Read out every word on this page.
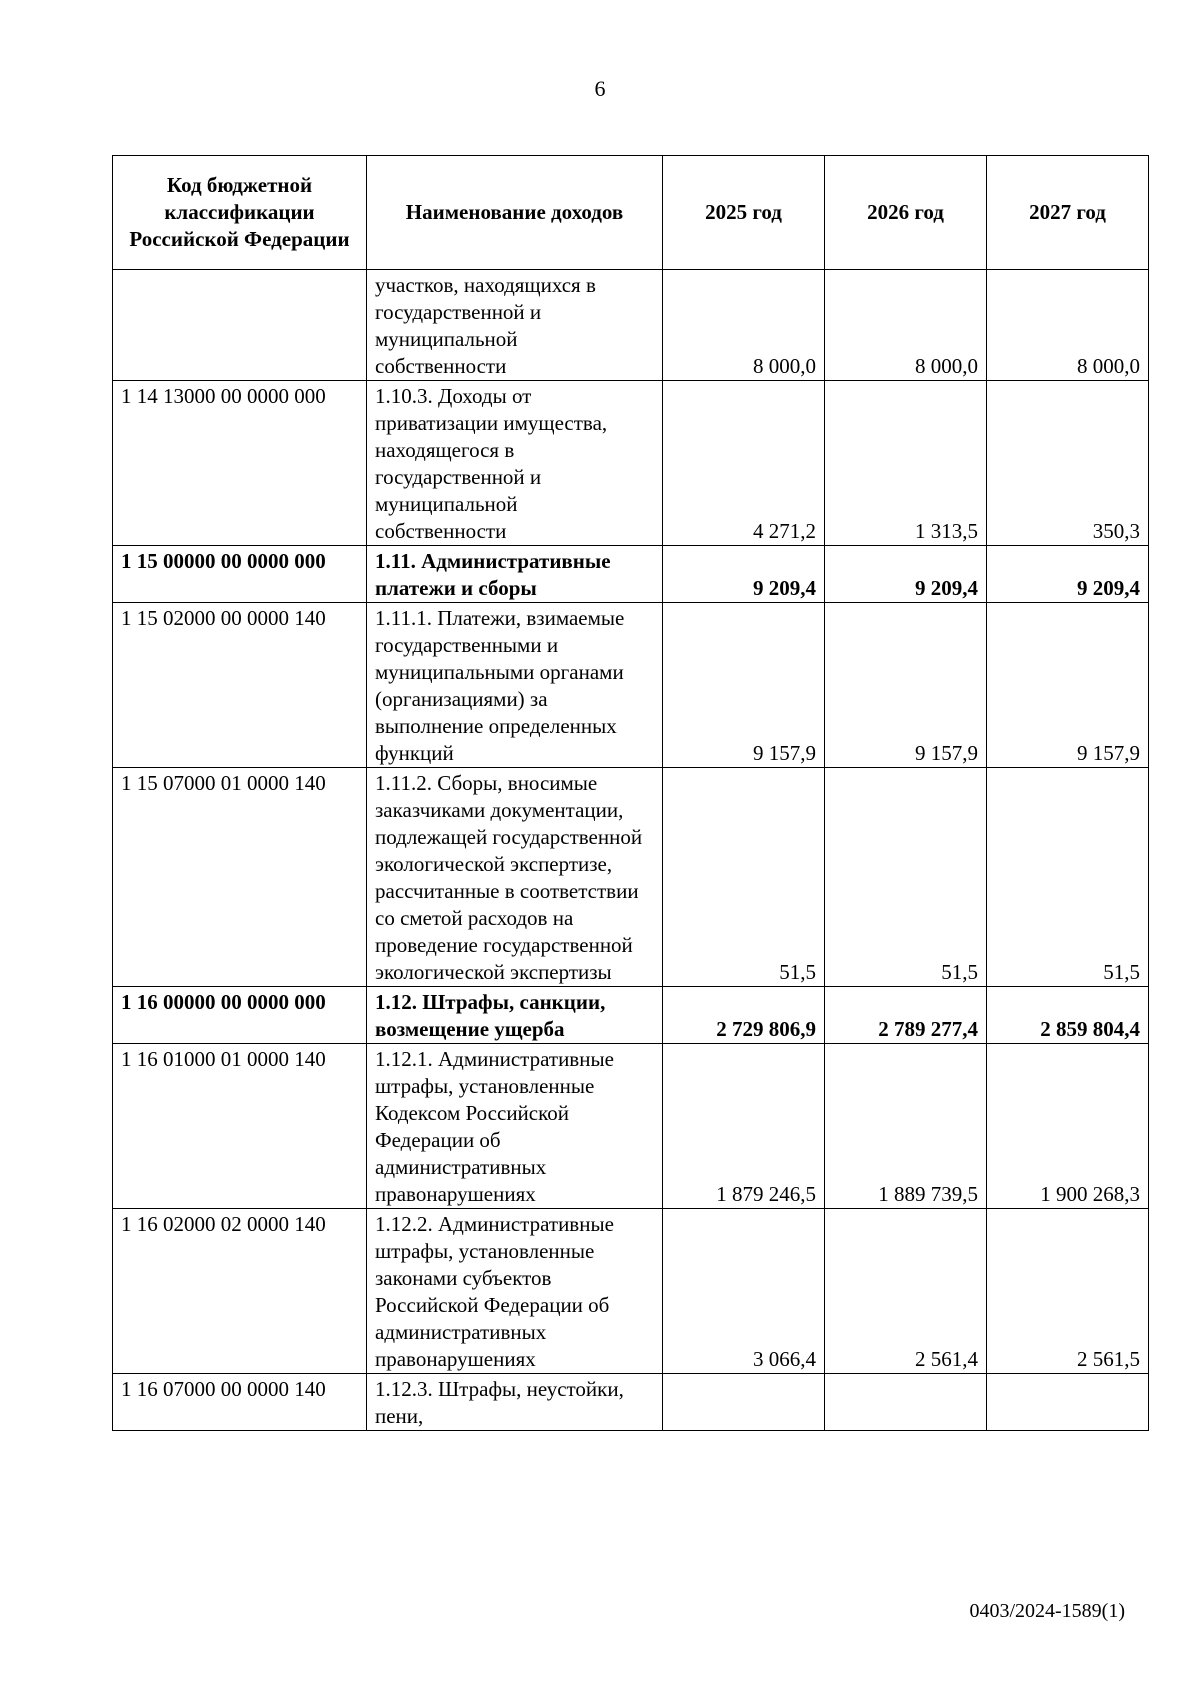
6
Код бюджетной классификации Российской Федерации	Наименование доходов	2025 год	2026 год	2027 год
	участков, находящихся в государственной и муниципальной собственности	8 000,0	8 000,0	8 000,0
1 14 13000 00 0000 000	1.10.3. Доходы от приватизации имущества, находящегося в государственной и муниципальной собственности	4 271,2	1 313,5	350,3
1 15 00000 00 0000 000	1.11. Административные платежи и сборы	9 209,4	9 209,4	9 209,4
1 15 02000 00 0000 140	1.11.1. Платежи, взимаемые государственными и муниципальными органами (организациями) за выполнение определенных функций	9 157,9	9 157,9	9 157,9
1 15 07000 01 0000 140	1.11.2. Сборы, вносимые заказчиками документации, подлежащей государственной экологической экспертизе, рассчитанные в соответствии со сметой расходов на проведение государственной экологической экспертизы	51,5	51,5	51,5
1 16 00000 00 0000 000	1.12. Штрафы, санкции, возмещение ущерба	2 729 806,9	2 789 277,4	2 859 804,4
1 16 01000 01 0000 140	1.12.1. Административные штрафы, установленные Кодексом Российской Федерации об административных правонарушениях	1 879 246,5	1 889 739,5	1 900 268,3
1 16 02000 02 0000 140	1.12.2. Административные штрафы, установленные законами субъектов Российской Федерации об административных правонарушениях	3 066,4	2 561,4	2 561,5
1 16 07000 00 0000 140	1.12.3. Штрафы, неустойки, пени,			
0403/2024-1589(1)
